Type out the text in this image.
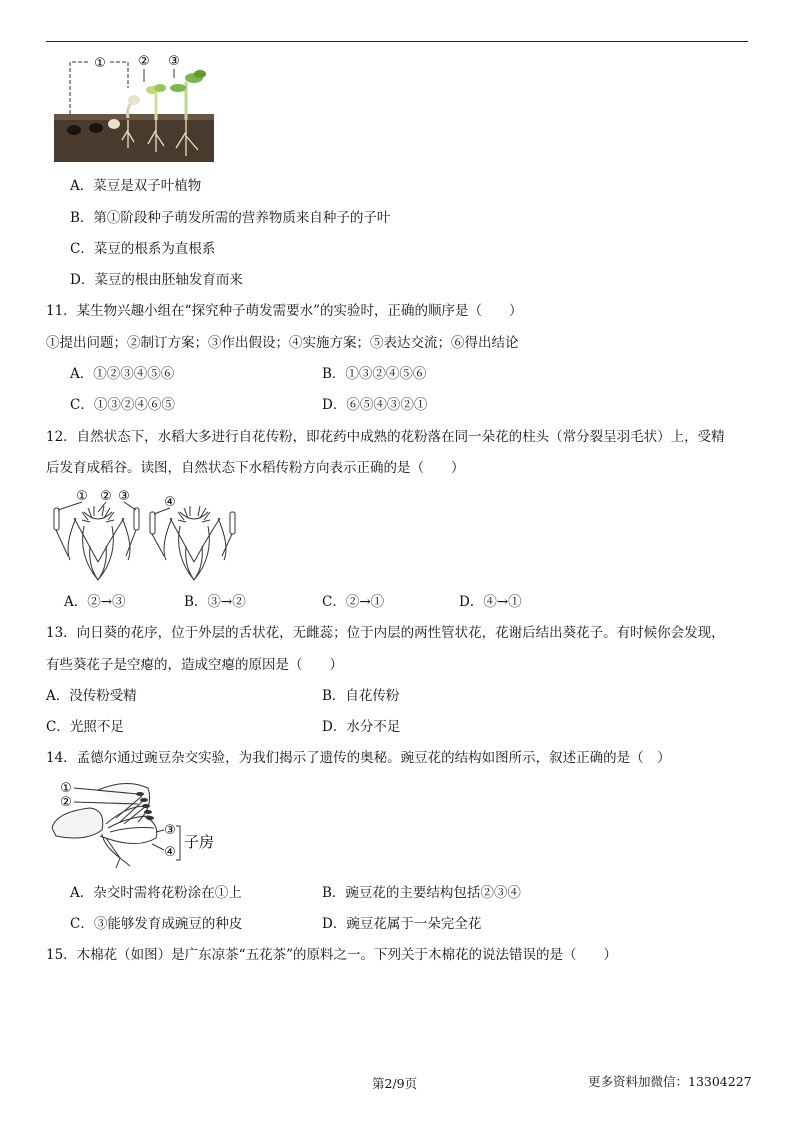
① ② ③
A．菜豆是双子叶植物
B．第①阶段种子萌发所需的营养物质来自种子的子叶
C．菜豆的根系为直根系
D．菜豆的根由胚轴发育而来
11．某生物兴趣小组在“探究种子萌发需要水”的实验时，正确的顺序是（　　）
①提出问题；②制订方案；③作出假设；④实施方案；⑤表达交流；⑥得出结论
A．①②③④⑤⑥	B．①③②④⑤⑥
C．①③②④⑥⑤	D．⑥⑤④③②①
12．自然状态下，水稻大多进行自花传粉，即花药中成熟的花粉落在同一朵花的柱头（常分裂呈羽毛状）上，受精
后发育成稻谷。读图，自然状态下水稻传粉方向表示正确的是（　　）
① ② ③	④
A．②→③	B．③→②	C．②→①	D．④→①
13．向日葵的花序，位于外层的舌状花，无雌蕊；位于内层的两性管状花，花谢后结出葵花子。有时候你会发现，
有些葵花子是空瘪的，造成空瘪的原因是（　　）
A．没传粉受精	B．自花传粉
C．光照不足	D．水分不足
14．孟德尔通过豌豆杂交实验，为我们揭示了遗传的奥秘。豌豆花的结构如图所示，叙述正确的是（　）
①
②
③
④
子房
A．杂交时需将花粉涂在①上	B．豌豆花的主要结构包括②③④
C．③能够发育成豌豆的种皮	D．豌豆花属于一朵完全花
15．木棉花（如图）是广东凉茶“五花茶”的原料之一。下列关于木棉花的说法错误的是（　　）
第2/9页	更多资料加微信：13304227
